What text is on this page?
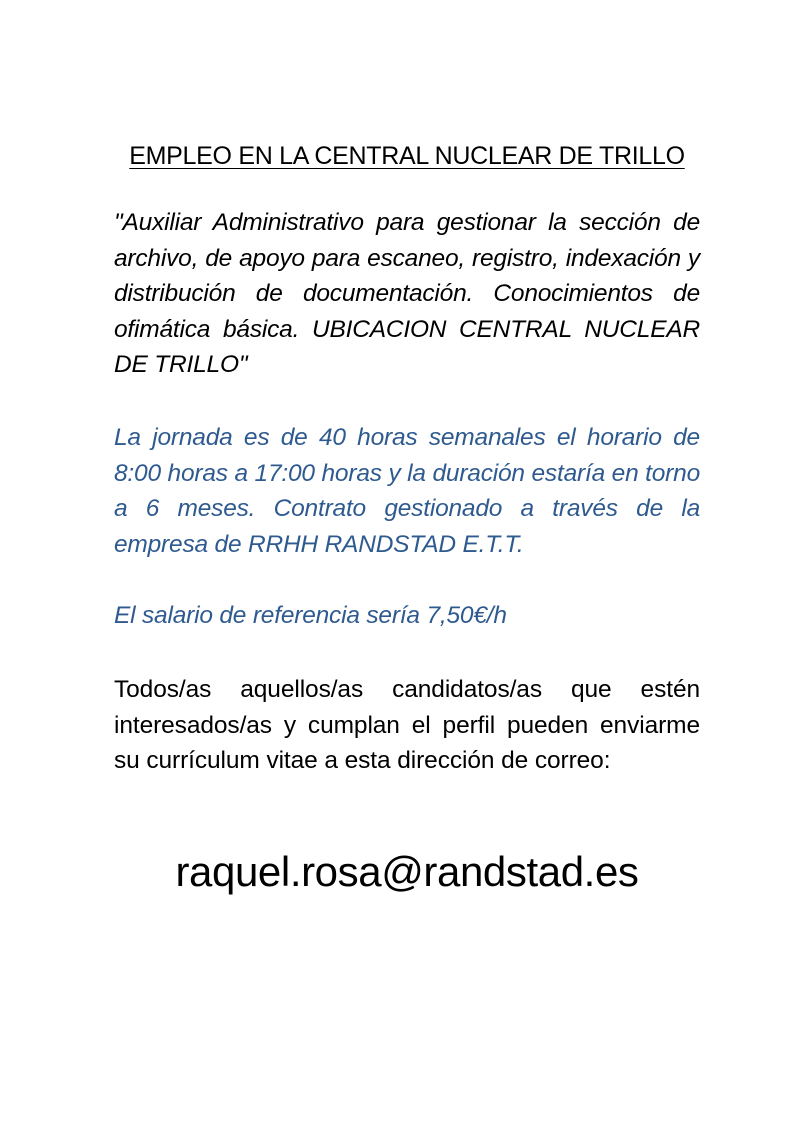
EMPLEO EN LA CENTRAL NUCLEAR DE TRILLO

"Auxiliar Administrativo para gestionar la sección de archivo, de apoyo para escaneo, registro, indexación y distribución de documentación. Conocimientos de ofimática básica. UBICACION CENTRAL NUCLEAR DE TRILLO"

La jornada es de 40 horas semanales el horario de 8:00 horas a 17:00 horas y la duración estaría en torno a 6 meses. Contrato gestionado a través de la empresa de RRHH RANDSTAD E.T.T.

El salario de referencia sería 7,50€/h

Todos/as aquellos/as candidatos/as que estén interesados/as y cumplan el perfil pueden enviarme su currículum vitae a esta dirección de correo:

raquel.rosa@randstad.es
